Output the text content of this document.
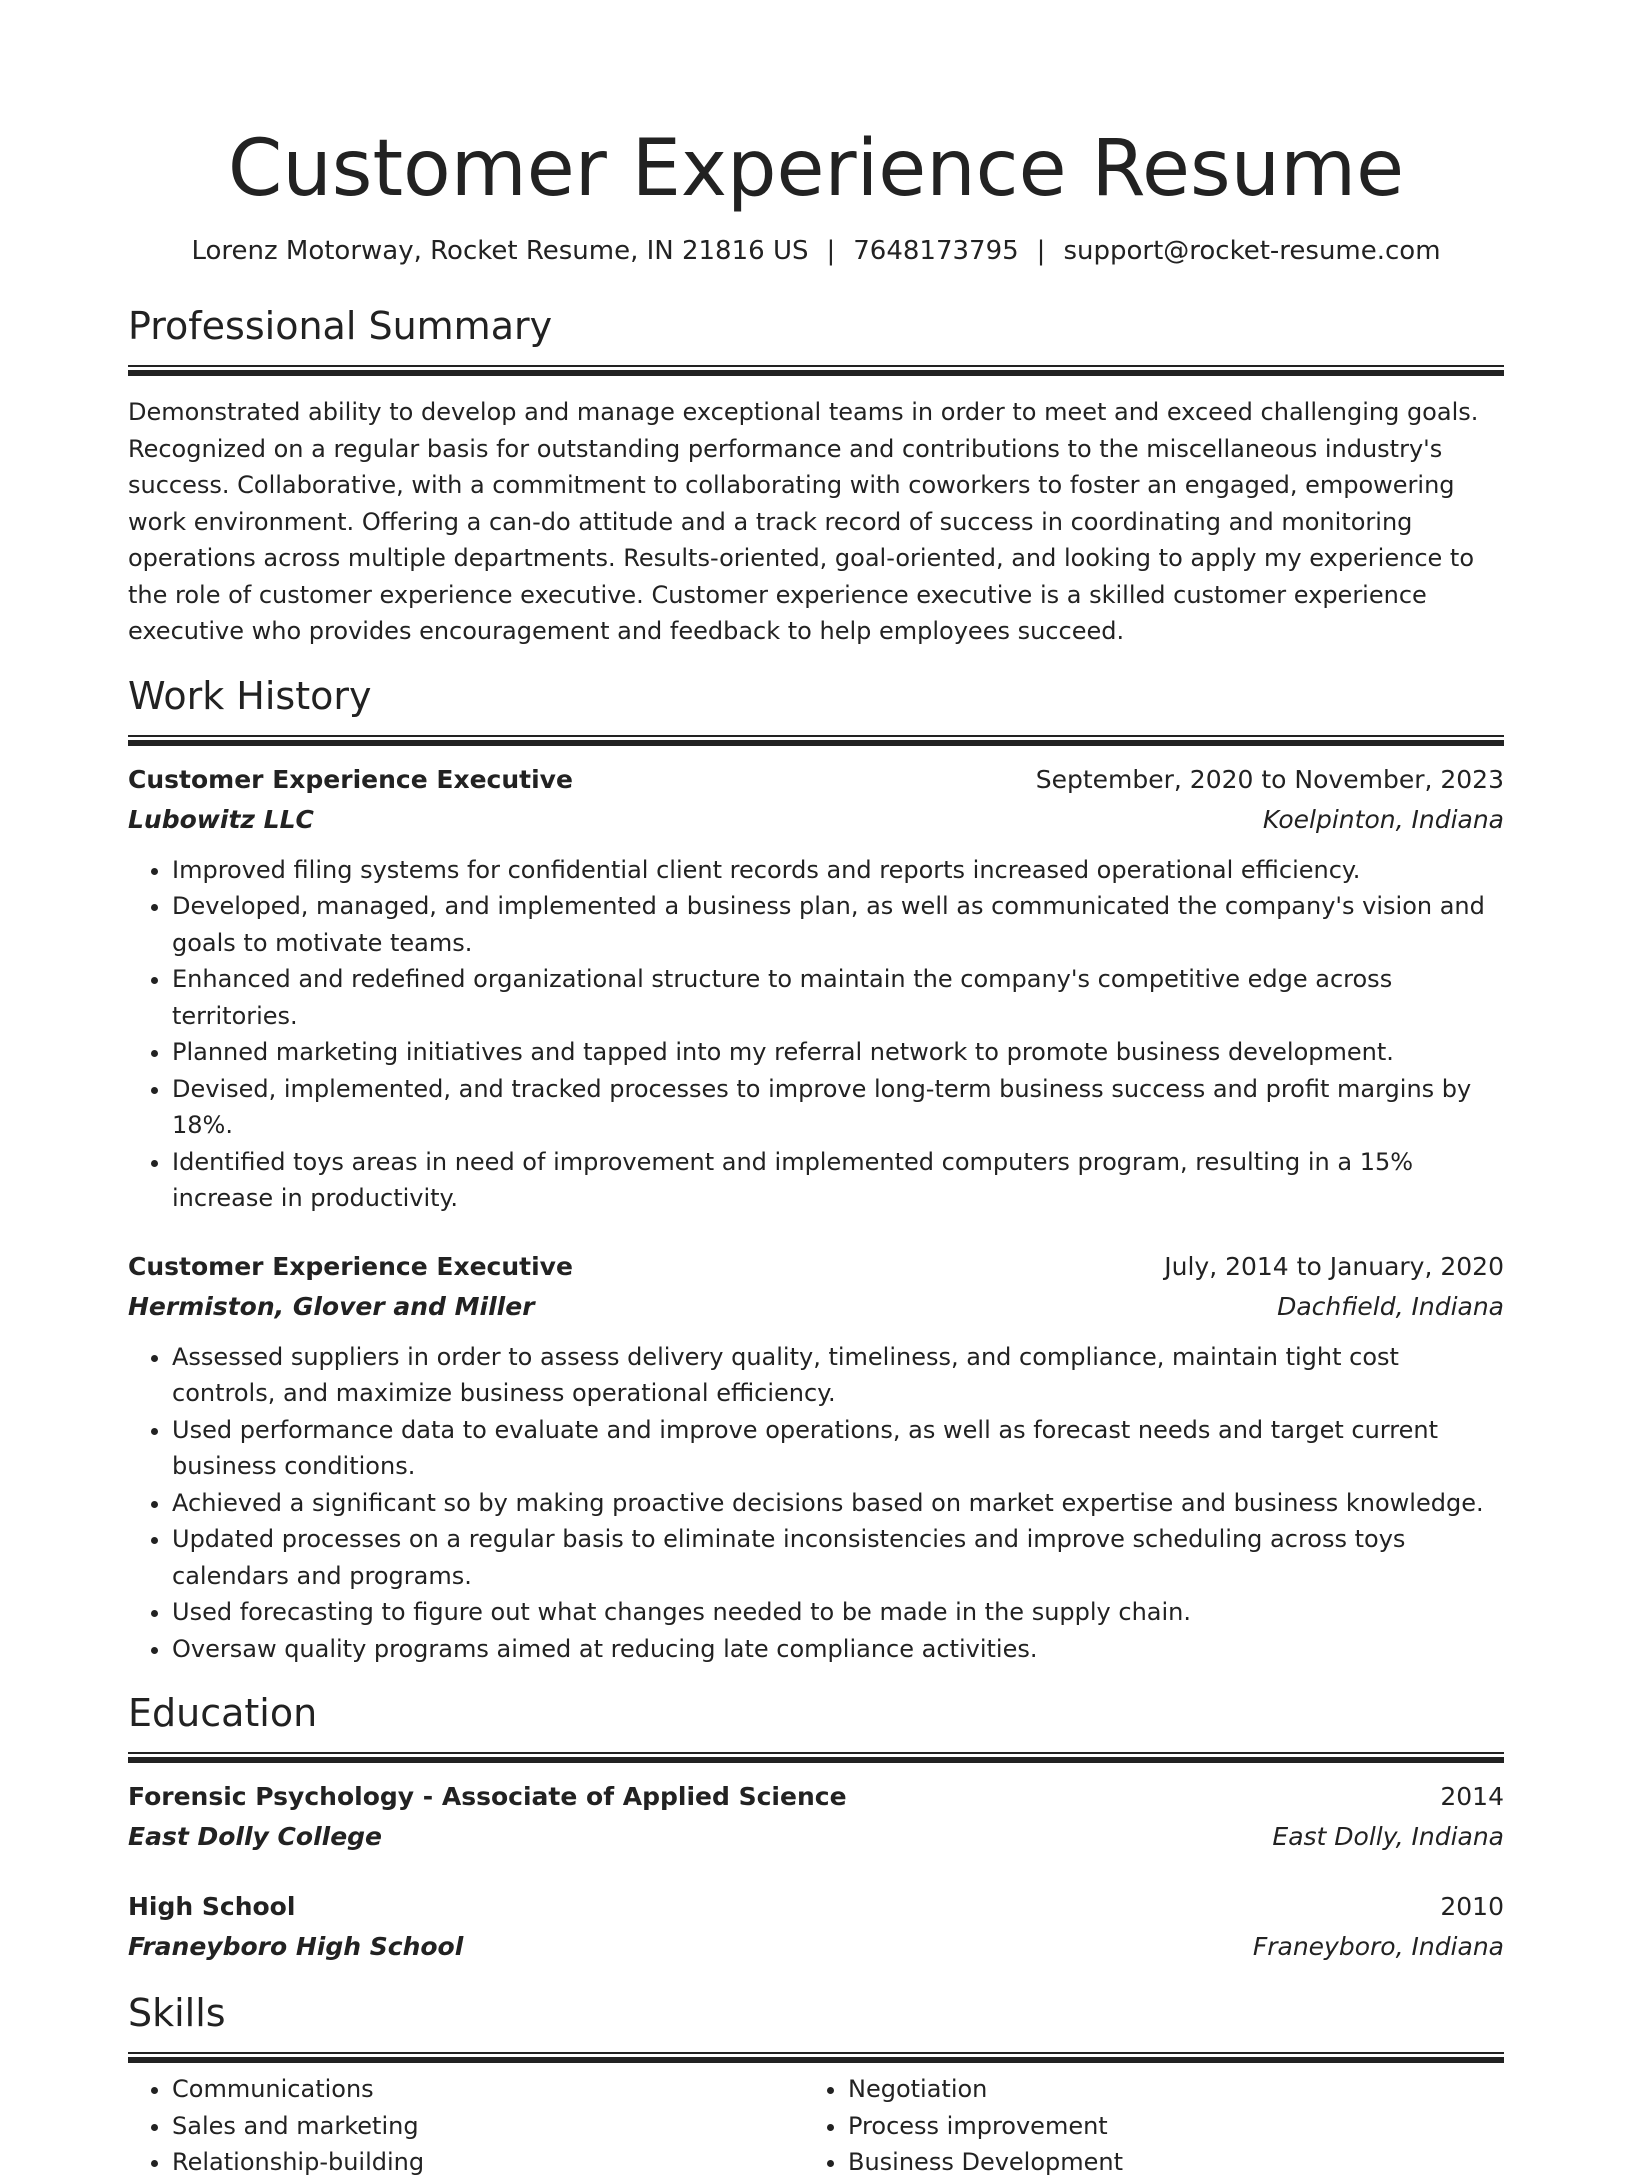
Customer Experience Resume
Lorenz Motorway, Rocket Resume, IN 21816 US | 7648173795 | support@rocket-resume.com
Professional Summary

Demonstrated ability to develop and manage exceptional teams in order to meet and exceed challenging goals. Recognized on a regular basis for outstanding performance and contributions to the miscellaneous industry's success. Collaborative, with a commitment to collaborating with coworkers to foster an engaged, empowering work environment. Offering a can-do attitude and a track record of success in coordinating and monitoring operations across multiple departments. Results-oriented, goal-oriented, and looking to apply my experience to the role of customer experience executive. Customer experience executive is a skilled customer experience executive who provides encouragement and feedback to help employees succeed.

Work History
Customer Experience Executive	September, 2020 to November, 2023
Lubowitz LLC	Koelpinton, Indiana
• Improved filing systems for confidential client records and reports increased operational efficiency.
• Developed, managed, and implemented a business plan, as well as communicated the company's vision and goals to motivate teams.
• Enhanced and redefined organizational structure to maintain the company's competitive edge across territories.
• Planned marketing initiatives and tapped into my referral network to promote business development.
• Devised, implemented, and tracked processes to improve long-term business success and profit margins by 18%.
• Identified toys areas in need of improvement and implemented computers program, resulting in a 15% increase in productivity.
Customer Experience Executive	July, 2014 to January, 2020
Hermiston, Glover and Miller	Dachfield, Indiana
• Assessed suppliers in order to assess delivery quality, timeliness, and compliance, maintain tight cost controls, and maximize business operational efficiency.
• Used performance data to evaluate and improve operations, as well as forecast needs and target current business conditions.
• Achieved a significant so by making proactive decisions based on market expertise and business knowledge.
• Updated processes on a regular basis to eliminate inconsistencies and improve scheduling across toys calendars and programs.
• Used forecasting to figure out what changes needed to be made in the supply chain.
• Oversaw quality programs aimed at reducing late compliance activities.
Education
Forensic Psychology - Associate of Applied Science	2014
East Dolly College	East Dolly, Indiana
High School	2010
Franeyboro High School	Franeyboro, Indiana
Skills
• Communications
• Sales and marketing
• Relationship-building
• Negotiation
• Process improvement
• Business Development
